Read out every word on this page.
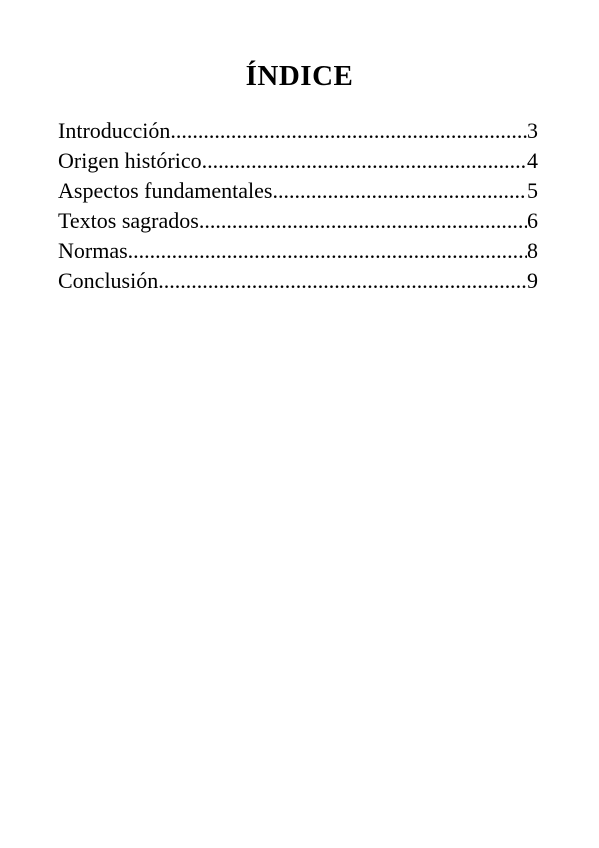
ÍNDICE
Introducción .....	3
Origen histórico .....	4
Aspectos fundamentales .....	5
Textos sagrados .....	6
Normas .....	8
Conclusión .....	9
